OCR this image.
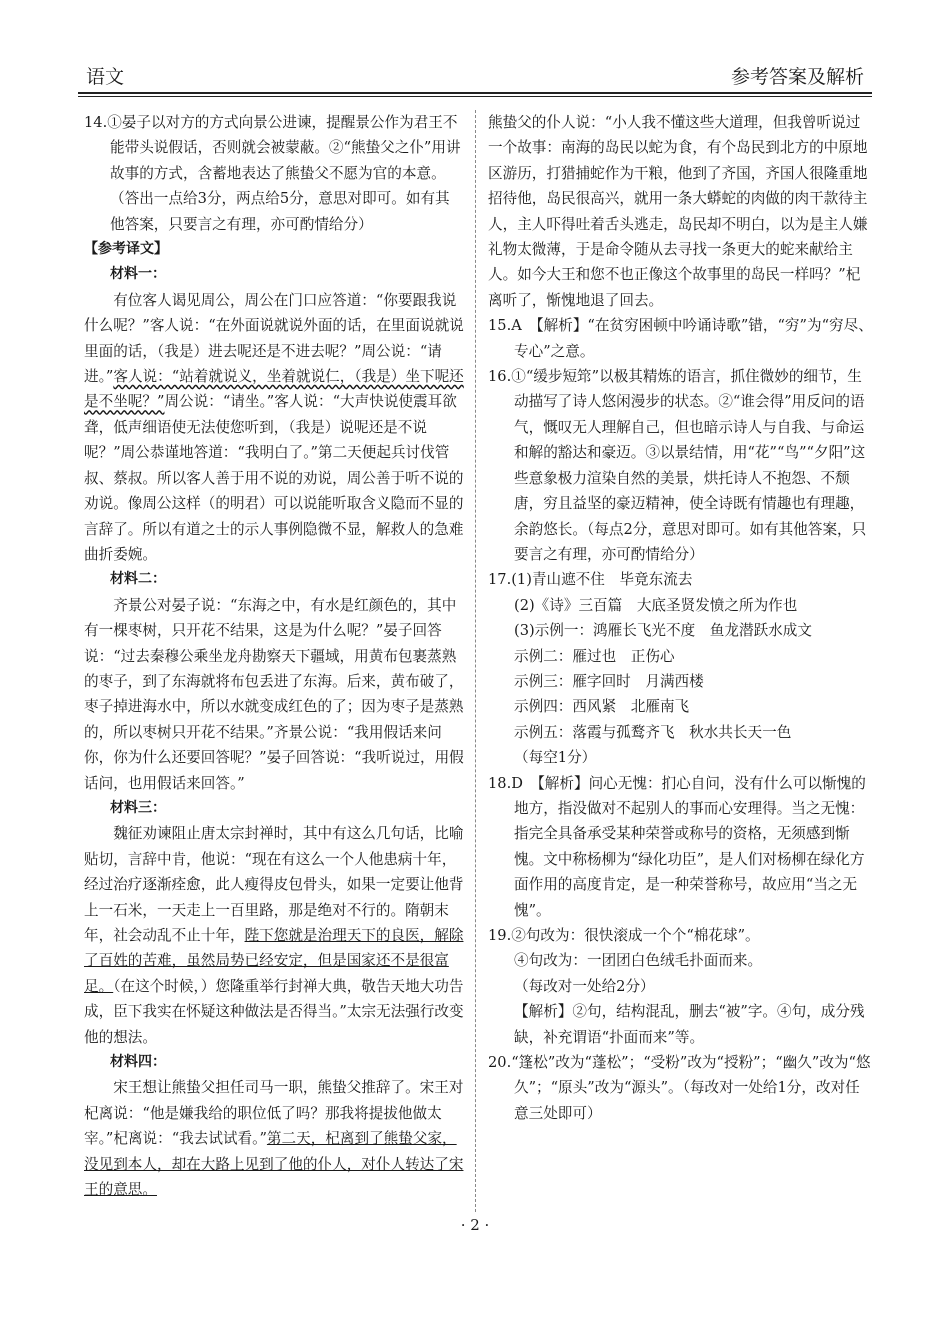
语文	参考答案及解析

14.①晏子以对方的方式向景公进谏，提醒景公作为君王不能带头说假话，否则就会被蒙蔽。②“熊蛰父之仆”用讲故事的方式，含蓄地表达了熊蛰父不愿为官的本意。（答出一点给3分，两点给5分，意思对即可。如有其他答案，只要言之有理，亦可酌情给分）

【参考译文】

材料一：

有位客人谒见周公，周公在门口应答道：“你要跟我说什么呢？”客人说：“在外面说就说外面的话，在里面说就说里面的话，（我是）进去呢还是不进去呢？”周公说：“请进。”客人说：“站着就说义，坐着就说仁，（我是）坐下呢还是不坐呢？”周公说：“请坐。”客人说：“大声快说使震耳欲聋，低声细语使无法使您听到，（我是）说呢还是不说呢？”周公恭谨地答道：“我明白了。”第二天便起兵讨伐管叔、蔡叔。所以客人善于用不说的劝说，周公善于听不说的劝说。像周公这样（的明君）可以说能听取含义隐而不显的言辞了。所以有道之士的示人事例隐微不显，解救人的急难曲折委婉。

材料二：

齐景公对晏子说：“东海之中，有水是红颜色的，其中有一棵枣树，只开花不结果，这是为什么呢？”晏子回答说：“过去秦穆公乘坐龙舟勘察天下疆域，用黄布包裹蒸熟的枣子，到了东海就将布包丢进了东海。后来，黄布破了，枣子掉进海水中，所以水就变成红色的了；因为枣子是蒸熟的，所以枣树只开花不结果。”齐景公说：“我用假话来问你，你为什么还要回答呢？”晏子回答说：“我听说过，用假话问，也用假话来回答。”

材料三：

魏征劝谏阻止唐太宗封禅时，其中有这么几句话，比喻贴切，言辞中肯，他说：“现在有这么一个人他患病十年，经过治疗逐渐痊愈，此人瘦得皮包骨头，如果一定要让他背上一石米，一天走上一百里路，那是绝对不行的。隋朝末年，社会动乱不止十年，陛下您就是治理天下的良医，解除了百姓的苦难，虽然局势已经安定，但是国家还不是很富足。（在这个时候，）您隆重举行封禅大典，敬告天地大功告成，臣下我实在怀疑这种做法是否得当。”太宗无法强行改变他的想法。

材料四：

宋王想让熊蛰父担任司马一职，熊蛰父推辞了。宋王对杞离说：“他是嫌我给的职位低了吗？那我将提拔他做太宰。”杞离说：“我去试试看。”第二天，杞离到了熊蛰父家，没见到本人，却在大路上见到了他的仆人，对仆人转达了宋王的意思。

熊蛰父的仆人说：“小人我不懂这些大道理，但我曾听说过一个故事：南海的岛民以蛇为食，有个岛民到北方的中原地区游历，打猎捕蛇作为干粮，他到了齐国，齐国人很隆重地招待他，岛民很高兴，就用一条大蟒蛇的肉做的肉干款待主人，主人吓得吐着舌头逃走，岛民却不明白，以为是主人嫌礼物太微薄，于是命令随从去寻找一条更大的蛇来献给主人。如今大王和您不也正像这个故事里的岛民一样吗？”杞离听了，惭愧地退了回去。

15.A　【解析】“在贫穷困顿中吟诵诗歌”错，“穷”为“穷尽、专心”之意。

16.①“缓步短筇”以极其精炼的语言，抓住微妙的细节，生动描写了诗人悠闲漫步的状态。②“谁会得”用反问的语气，慨叹无人理解自己，但也暗示诗人与自我、与命运和解的豁达和豪迈。③以景结情，用“花”“鸟”“夕阳”这些意象极力渲染自然的美景，烘托诗人不抱怨、不颓唐，穷且益坚的豪迈精神，使全诗既有情趣也有理趣，余韵悠长。（每点2分，意思对即可。如有其他答案，只要言之有理，亦可酌情给分）

17.(1)青山遮不住　毕竟东流去

(2)《诗》三百篇　大底圣贤发愤之所为作也

(3)示例一：鸿雁长飞光不度　鱼龙潜跃水成文

示例二：雁过也　正伤心

示例三：雁字回时　月满西楼

示例四：西风紧　北雁南飞

示例五：落霞与孤鹜齐飞　秋水共长天一色

（每空1分）

18.D　【解析】问心无愧：扪心自问，没有什么可以惭愧的地方，指没做对不起别人的事而心安理得。当之无愧：指完全具备承受某种荣誉或称号的资格，无须感到惭愧。文中称杨柳为“绿化功臣”，是人们对杨柳在绿化方面作用的高度肯定，是一种荣誉称号，故应用“当之无愧”。

19.②句改为：很快滚成一个个“棉花球”。

④句改为：一团团白色绒毛扑面而来。

（每改对一处给2分）

【解析】②句，结构混乱，删去“被”字。④句，成分残缺，补充谓语“扑面而来”等。

20.“篷松”改为“蓬松”；“受粉”改为“授粉”；“幽久”改为“悠久”；“原头”改为“源头”。（每改对一处给1分，改对任意三处即可）

· 2 ·
